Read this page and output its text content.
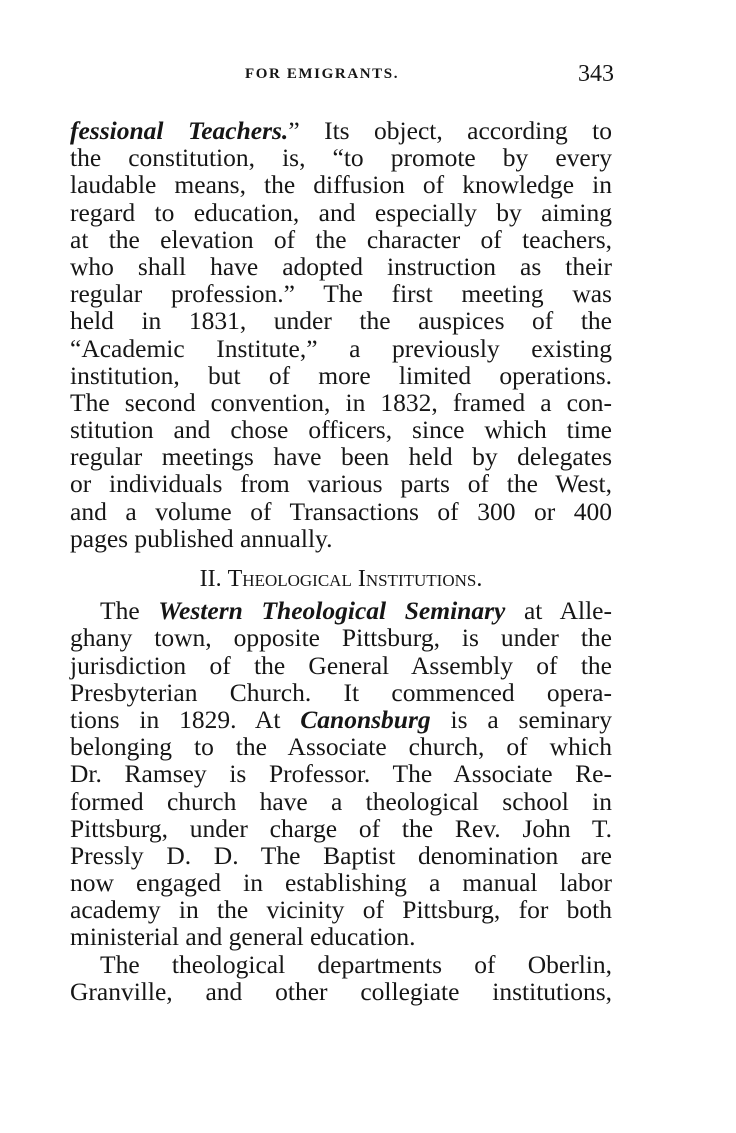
FOR EMIGRANTS.	343
fessional Teachers.” Its object, according to
the constitution, is, “to promote by every
laudable means, the diffusion of knowledge in
regard to education, and especially by aiming
at the elevation of the character of teachers,
who shall have adopted instruction as their
regular profession.” The first meeting was
held in 1831, under the auspices of the
“Academic Institute,” a previously existing
institution, but of more limited operations.
The second convention, in 1832, framed a con-
stitution and chose officers, since which time
regular meetings have been held by delegates
or individuals from various parts of the West,
and a volume of Transactions of 300 or 400
pages published annually.
II. Theological Institutions.
The Western Theological Seminary at Alle-
ghany town, opposite Pittsburg, is under the
jurisdiction of the General Assembly of the
Presbyterian Church. It commenced opera-
tions in 1829. At Canonsburg is a seminary
belonging to the Associate church, of which
Dr. Ramsey is Professor. The Associate Re-
formed church have a theological school in
Pittsburg, under charge of the Rev. John T.
Pressly D. D. The Baptist denomination are
now engaged in establishing a manual labor
academy in the vicinity of Pittsburg, for both
ministerial and general education.
The theological departments of Oberlin,
Granville, and other collegiate institutions,
